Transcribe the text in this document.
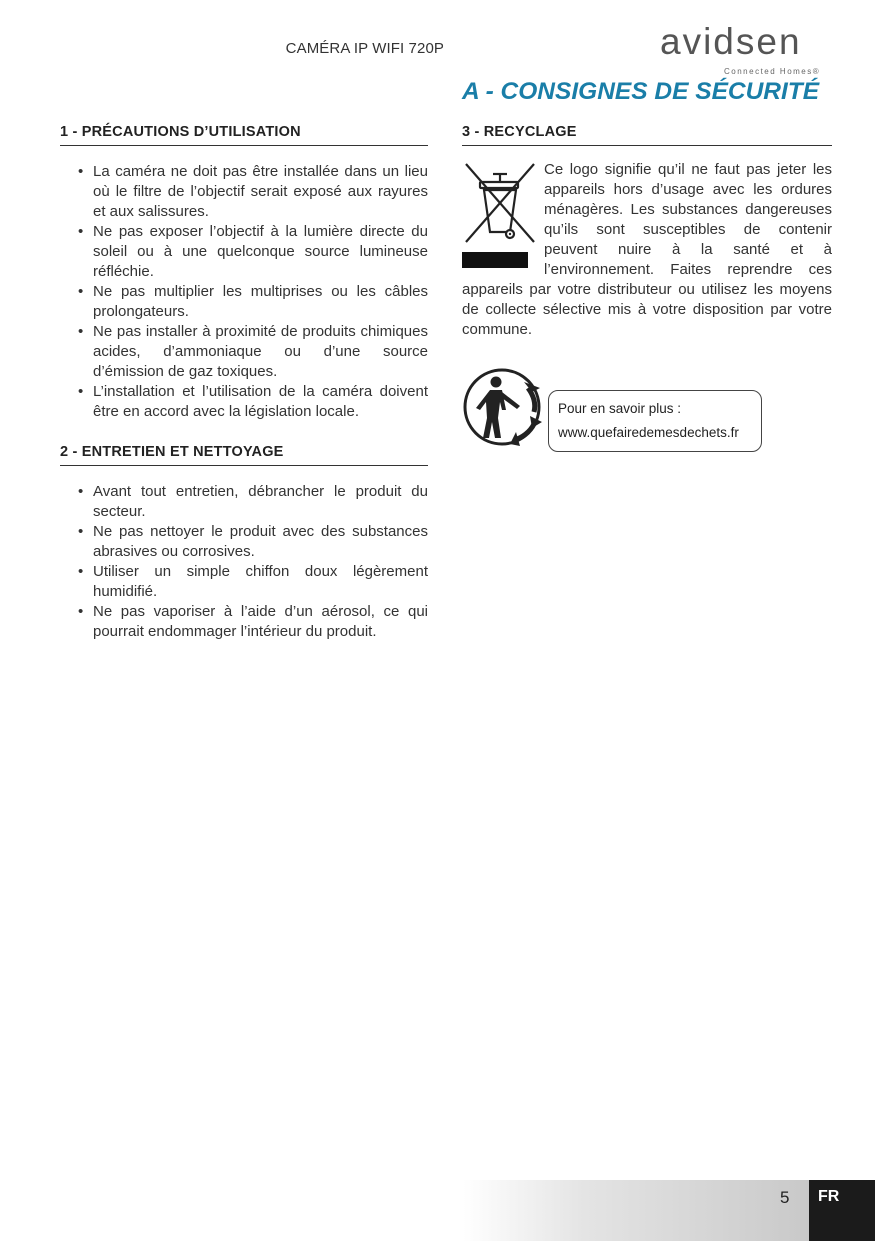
CAMÉRA IP WIFI 720P	avidsen
Connected Homes®
A - CONSIGNES DE SÉCURITÉ
1 - PRÉCAUTIONS D’UTILISATION
• La caméra ne doit pas être installée dans un lieu où le filtre de l’objectif serait exposé aux rayures et aux salissures.
• Ne pas exposer l’objectif à la lumière directe du soleil ou à une quelconque source lumineuse réfléchie.
• Ne pas multiplier les multiprises ou les câbles prolongateurs.
• Ne pas installer à proximité de produits chimiques acides, d’ammoniaque ou d’une source d’émission de gaz toxiques.
• L’installation et l’utilisation de la caméra doivent être en accord avec la législation locale.
2 - ENTRETIEN ET NETTOYAGE
• Avant tout entretien, débrancher le produit du secteur.
• Ne pas nettoyer le produit avec des substances abrasives ou corrosives.
• Utiliser un simple chiffon doux légèrement humidifié.
• Ne pas vaporiser à l’aide d’un aérosol, ce qui pourrait endommager l’intérieur du produit.
3 - RECYCLAGE
Ce logo signifie qu’il ne faut pas jeter les appareils hors d’usage avec les ordures ménagères. Les substances dangereuses qu’ils sont susceptibles de contenir peuvent nuire à la santé et à l’environnement. Faites reprendre ces appareils par votre distributeur ou utilisez les moyens de collecte sélective mis à votre disposition par votre commune.
Pour en savoir plus :
www.quefairedemesdechets.fr
5 FR
